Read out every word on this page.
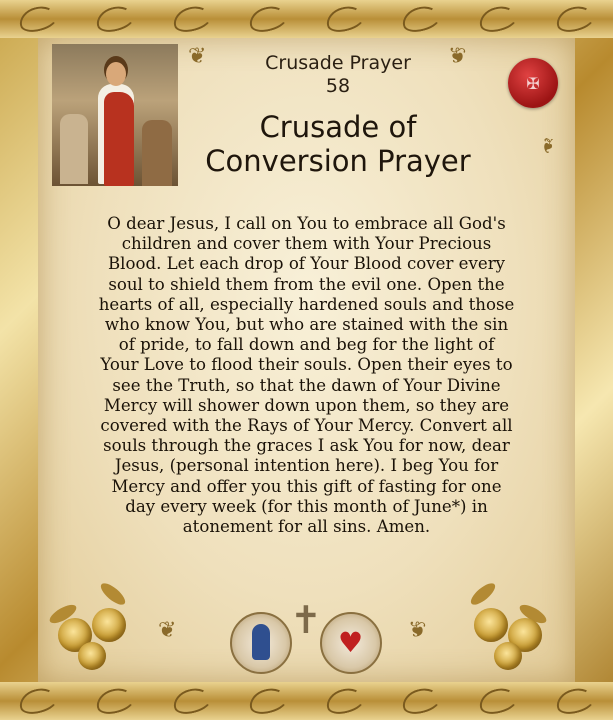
✠
❦	❦
❧
Crusade Prayer
58
Crusade of
Conversion Prayer
O dear Jesus, I call on You to embrace all God's
children and cover them with Your Precious
Blood. Let each drop of Your Blood cover every
soul to shield them from the evil one. Open the
hearts of all, especially hardened souls and those
who know You, but who are stained with the sin
of pride, to fall down and beg for the light of
Your Love to flood their souls. Open their eyes to
see the Truth, so that the dawn of Your Divine
Mercy will shower down upon them, so they are
covered with the Rays of Your Mercy. Convert all
souls through the graces I ask You for now, dear
Jesus, (personal intention here). I beg You for
Mercy and offer you this gift of fasting for one
day every week (for this month of June*) in
atonement for all sins. Amen.
❦	❦
✝
♥
